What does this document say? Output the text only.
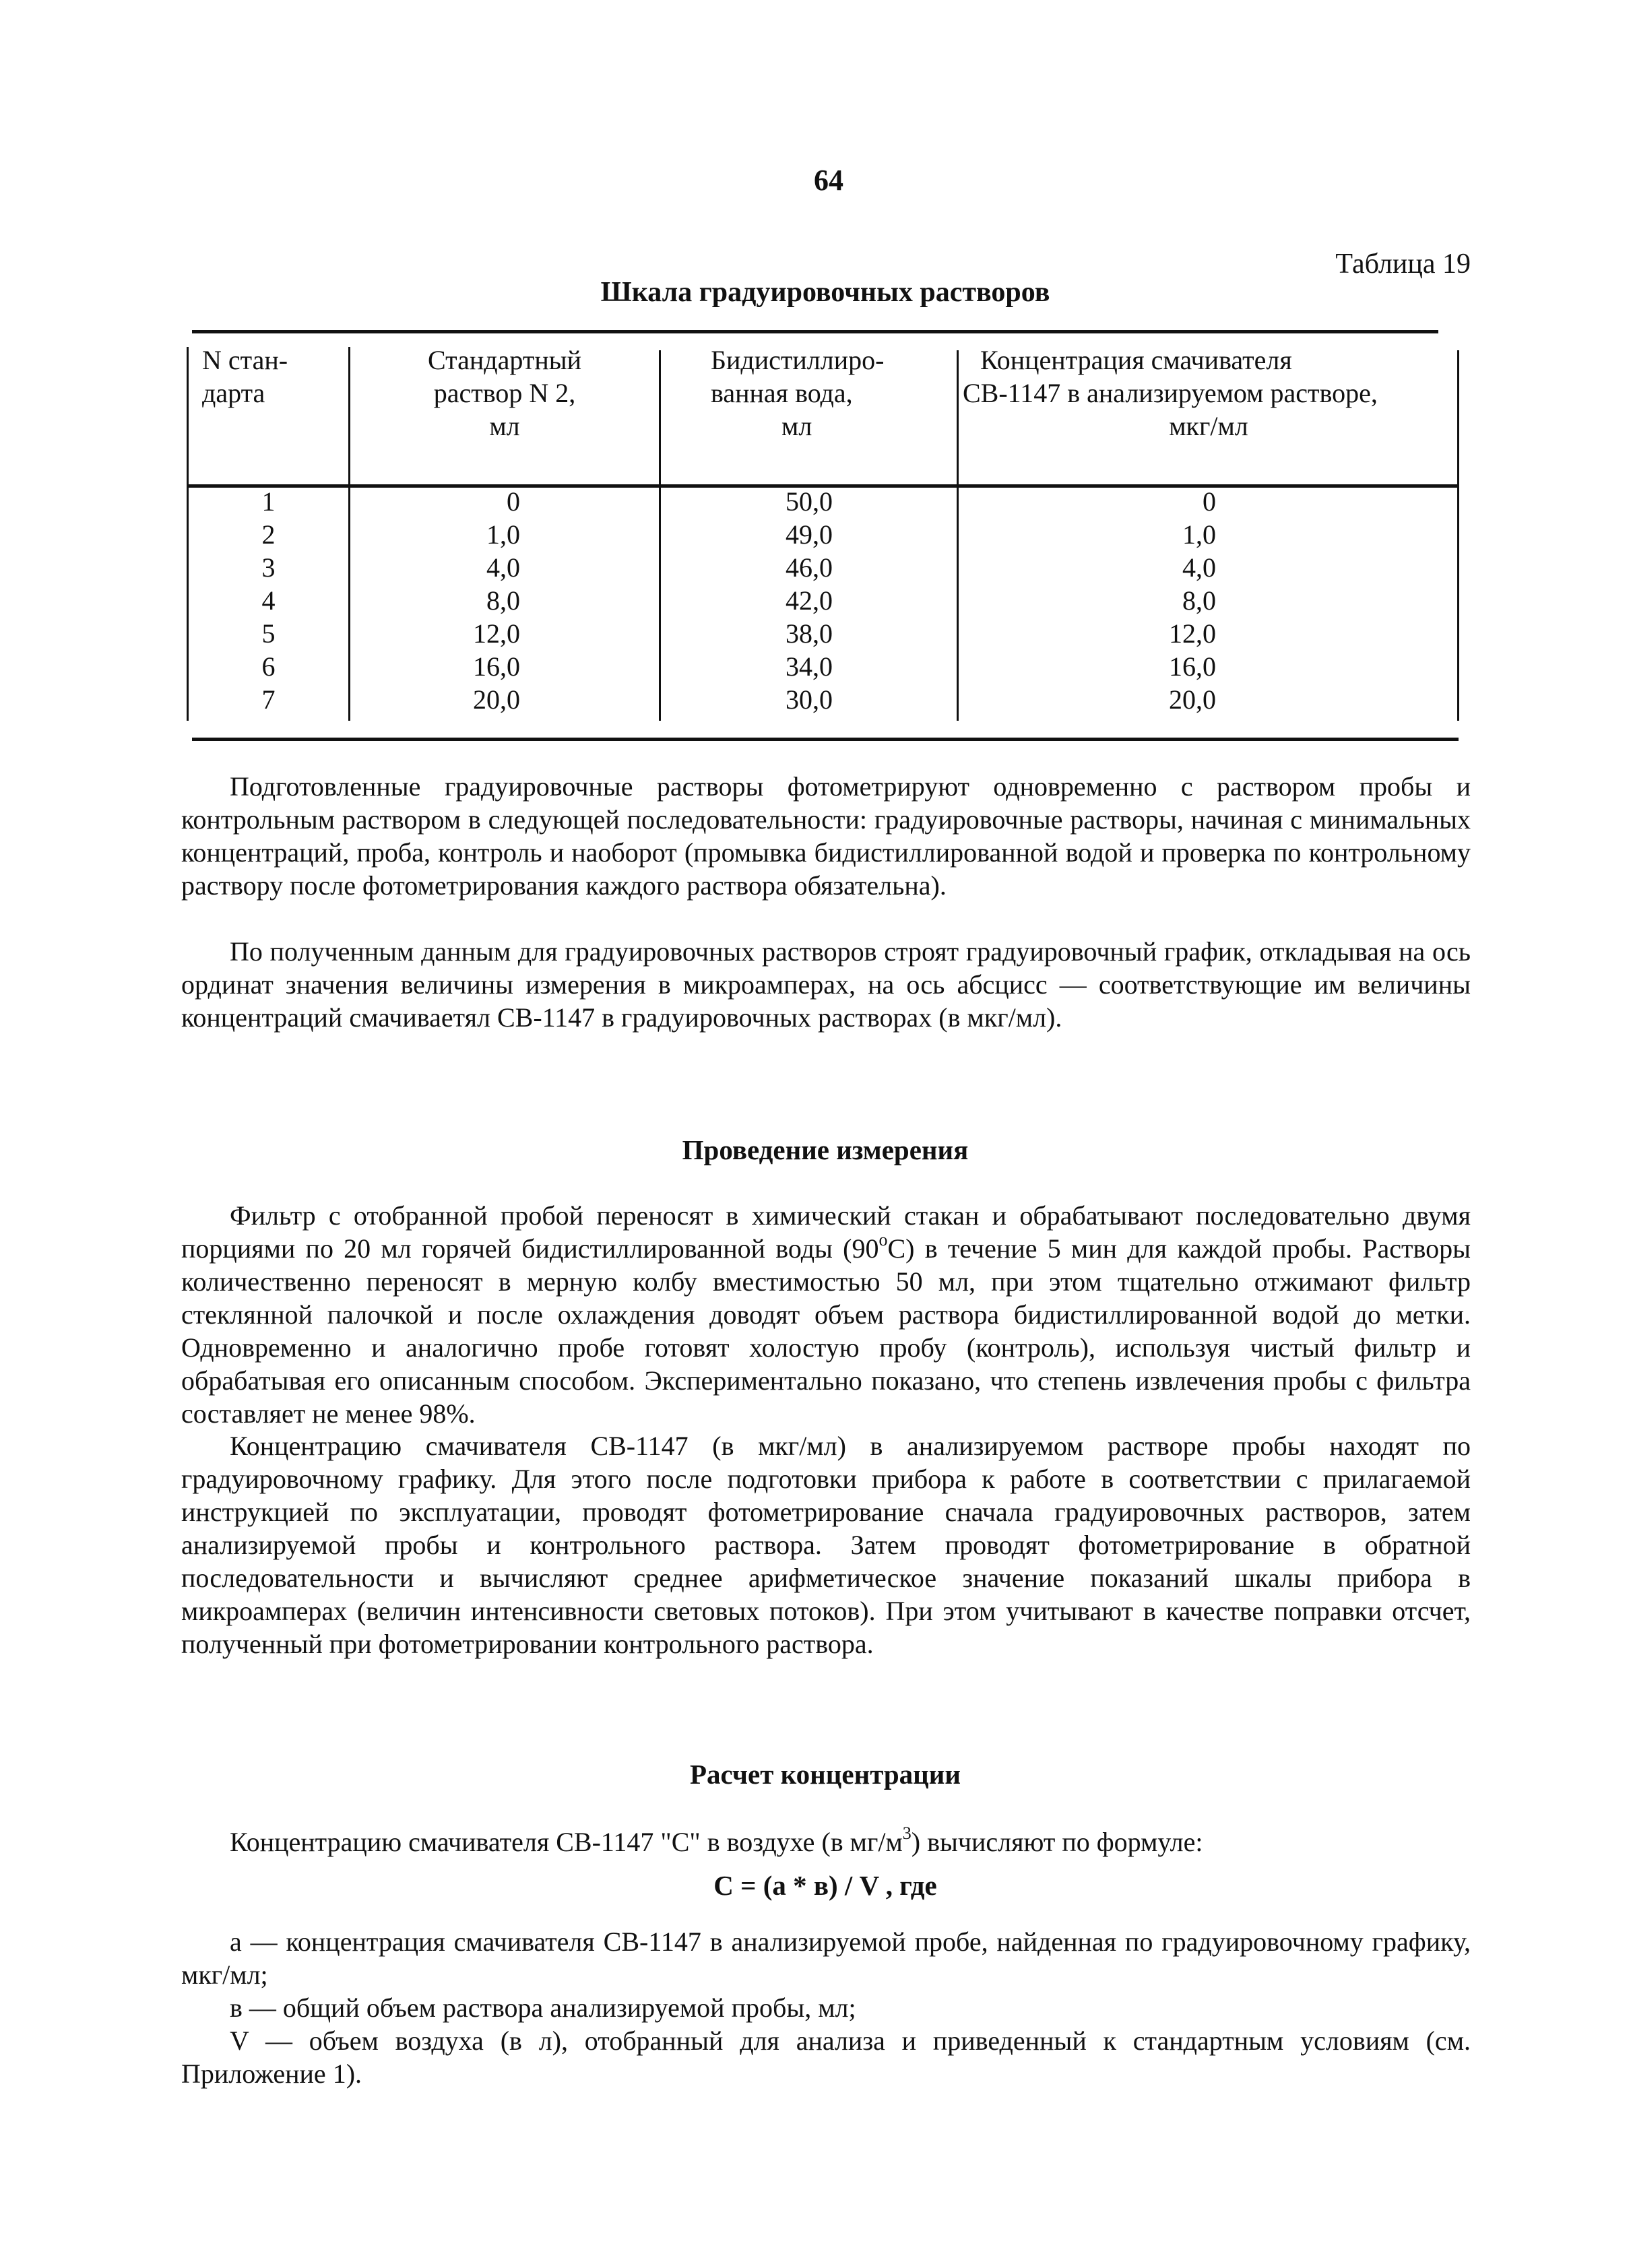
64
Таблица 19
Шкала градуировочных растворов
N стан-
дарта
Стандартный
раствор N 2,
мл
Бидистиллиро-
ванная вода,
мл
Концентрация смачивателя
СВ-1147 в анализируемом растворе,
мкг/мл
1
2
3
4
5
6
7
0
1,0
4,0
8,0
12,0
16,0
20,0
50,0
49,0
46,0
42,0
38,0
34,0
30,0
0
1,0
4,0
8,0
12,0
16,0
20,0

Подготовленные градуировочные растворы фотометрируют одновременно с раствором пробы и контрольным раствором в следующей последовательности: градуировочные растворы, начиная с минимальных концентраций, проба, контроль и наоборот (промывка бидистиллированной водой и проверка по контрольному раствору после фотометрирования каждого раствора обязательна).

По полученным данным для градуировочных растворов строят градуировочный график, откладывая на ось ординат значения величины измерения в микроамперах, на ось абсцисс — соответствующие им величины концентраций смачиваетял СВ-1147 в градуировочных растворах (в мкг/мл).

Проведение измерения

Фильтр с отобранной пробой переносят в химический стакан и обрабатывают последовательно двумя порциями по 20 мл горячей бидистиллированной воды $(90^оС)$ в течение 5 мин для каждой пробы. Растворы количественно переносят в мерную колбу вместимостью 50 мл, при этом тщательно отжимают фильтр стеклянной палочкой и после охлаждения доводят объем раствора бидистиллированной водой до метки. Одновременно и аналогично пробе готовят холостую пробу (контроль), используя чистый фильтр и обрабатывая его описанным способом. Экспериментально показано, что степень извлечения пробы с фильтра составляет не менее 98%.

Концентрацию смачивателя СВ-1147 (в мкг/мл) в анализируемом растворе пробы находят по градуировочному графику. Для этого после подготовки прибора к работе в соответствии с прилагаемой инструкцией по эксплуатации, проводят фотометрирование сначала градуировочных растворов, затем анализируемой пробы и контрольного раствора. Затем проводят фотометрирование в обратной последовательности и вычисляют среднее арифметическое значение показаний шкалы прибора в микроамперах (величин интенсивности световых потоков). При этом учитывают в качестве поправки отсчет, полученный при фотометрировании контрольного раствора.

Расчет концентрации

Концентрацию смачивателя СВ-1147 "С" в воздухе (в $мг/м^3$) вычисляют по формуле:

С = (а * в) / V , где

а — концентрация смачивателя СВ-1147 в анализируемой пробе, найденная по градуировочному графику, мкг/мл;

в — общий объем раствора анализируемой пробы, мл;

V — объем воздуха (в л), отобранный для анализа и приведенный к стандартным условиям (см. Приложение 1).
